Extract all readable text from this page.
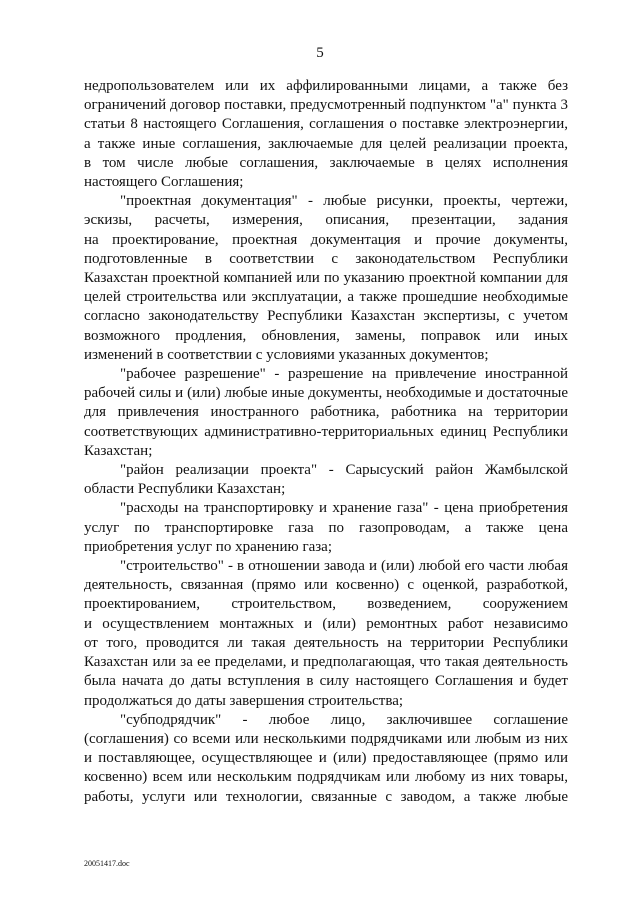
5
недропользователем или их аффилированными лицами, а также без
ограничений договор поставки, предусмотренный подпунктом "а" пункта 3
статьи 8 настоящего Соглашения, соглашения о поставке электроэнергии,
а также иные соглашения, заключаемые для целей реализации проекта,
в том числе любые соглашения, заключаемые в целях исполнения
настоящего Соглашения;
"проектная документация" - любые рисунки, проекты, чертежи,
эскизы, расчеты, измерения, описания, презентации, задания
на проектирование, проектная документация и прочие документы,
подготовленные в соответствии с законодательством Республики
Казахстан проектной компанией или по указанию проектной компании для
целей строительства или эксплуатации, а также прошедшие необходимые
согласно законодательству Республики Казахстан экспертизы, с учетом
возможного продления, обновления, замены, поправок или иных
изменений в соответствии с условиями указанных документов;
"рабочее разрешение" - разрешение на привлечение иностранной
рабочей силы и (или) любые иные документы, необходимые и достаточные
для привлечения иностранного работника, работника на территории
соответствующих административно-территориальных единиц Республики
Казахстан;
"район реализации проекта" - Сарысуский район Жамбылской
области Республики Казахстан;
"расходы на транспортировку и хранение газа" - цена приобретения
услуг по транспортировке газа по газопроводам, а также цена
приобретения услуг по хранению газа;
"строительство" - в отношении завода и (или) любой его части любая
деятельность, связанная (прямо или косвенно) с оценкой, разработкой,
проектированием, строительством, возведением, сооружением
и осуществлением монтажных и (или) ремонтных работ независимо
от того, проводится ли такая деятельность на территории Республики
Казахстан или за ее пределами, и предполагающая, что такая деятельность
была начата до даты вступления в силу настоящего Соглашения и будет
продолжаться до даты завершения строительства;
"субподрядчик" - любое лицо, заключившее соглашение
(соглашения) со всеми или несколькими подрядчиками или любым из них
и поставляющее, осуществляющее и (или) предоставляющее (прямо или
косвенно) всем или нескольким подрядчикам или любому из них товары,
работы, услуги или технологии, связанные с заводом, а также любые
20051417.doc
